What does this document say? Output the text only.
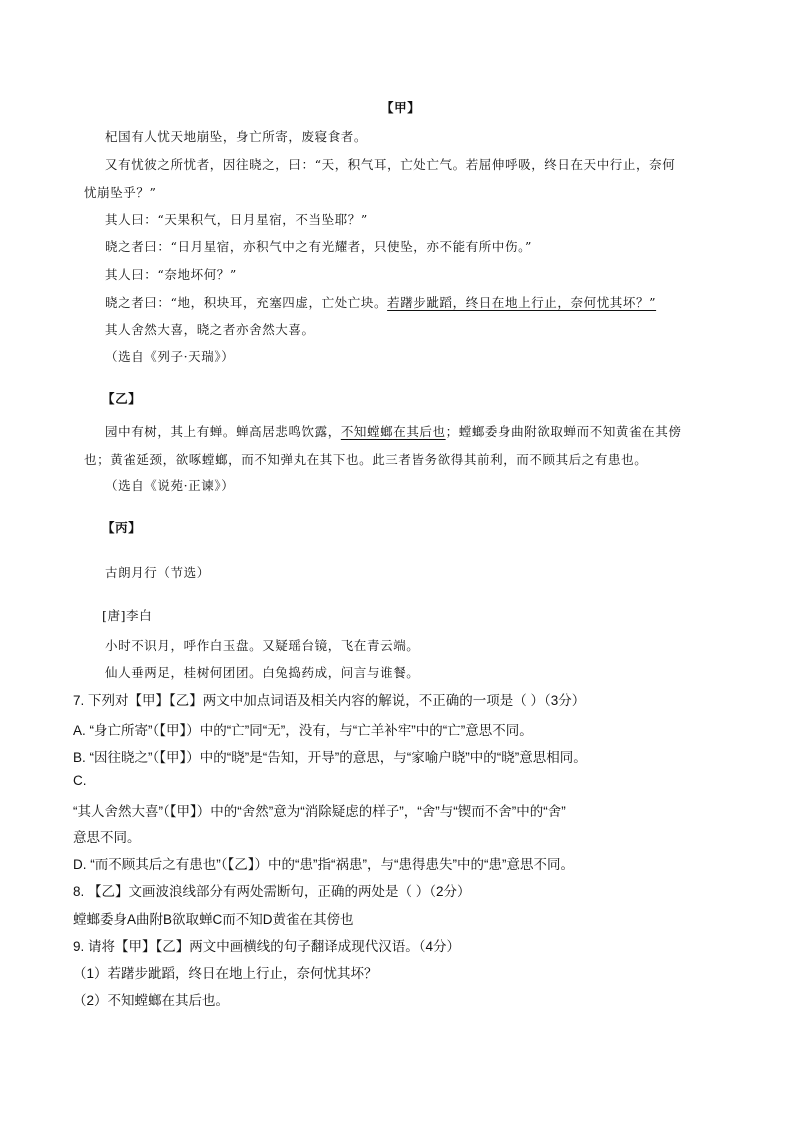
【甲】
杞国有人忧天地崩坠，身亡所寄，废寝食者。
又有忧彼之所忧者，因往晓之，曰：“天，积气耳，亡处亡气。若屈伸呼吸，终日在天中行止，奈何
忧崩坠乎？”
其人曰：“天果积气，日月星宿，不当坠耶？”
晓之者曰：“日月星宿，亦积气中之有光耀者，只使坠，亦不能有所中伤。”
其人曰：“奈地坏何？”
晓之者曰：“地，积块耳，充塞四虚，亡处亡块。若躇步跐蹈，终日在地上行止，奈何忧其坏？”
其人舍然大喜，晓之者亦舍然大喜。
（选自《列子·天瑞》）
【乙】
园中有树，其上有蝉。蝉高居悲鸣饮露，不知螳螂在其后也；螳螂委身曲附欲取蝉而不知黄雀在其傍
也；黄雀延颈，欲啄螳螂，而不知弹丸在其下也。此三者皆务欲得其前利，而不顾其后之有患也。
（选自《说苑·正谏》）
【丙】
古朗月行（节选）
[唐]李白
小时不识月，呼作白玉盘。又疑瑶台镜，飞在青云端。
仙人垂两足，桂树何团团。白兔捣药成，问言与谁餐。
7. 下列对【甲】【乙】两文中加点词语及相关内容的解说，不正确的一项是（ ）（3分）
A. “身亡所寄”（【甲】）中的“亡”同“无”，没有，与“亡羊补牢”中的“亡”意思不同。
B. “因往晓之”（【甲】）中的“晓”是“告知，开导”的意思，与“家喻户晓”中的“晓”意思相同。
C.
“其人舍然大喜”（【甲】）中的“舍然”意为“消除疑虑的样子”，“舍”与“锲而不舍”中的“舍”
意思不同。
D. “而不顾其后之有患也”（【乙】）中的“患”指“祸患”，与“患得患失”中的“患”意思不同。
8. 【乙】文画波浪线部分有两处需断句，正确的两处是（ ）（2分）
螳螂委身A曲附B欲取蝉C而不知D黄雀在其傍也
9. 请将【甲】【乙】两文中画横线的句子翻译成现代汉语。（4分）
（1）若躇步跐蹈，终日在地上行止，奈何忧其坏？
（2）不知螳螂在其后也。
